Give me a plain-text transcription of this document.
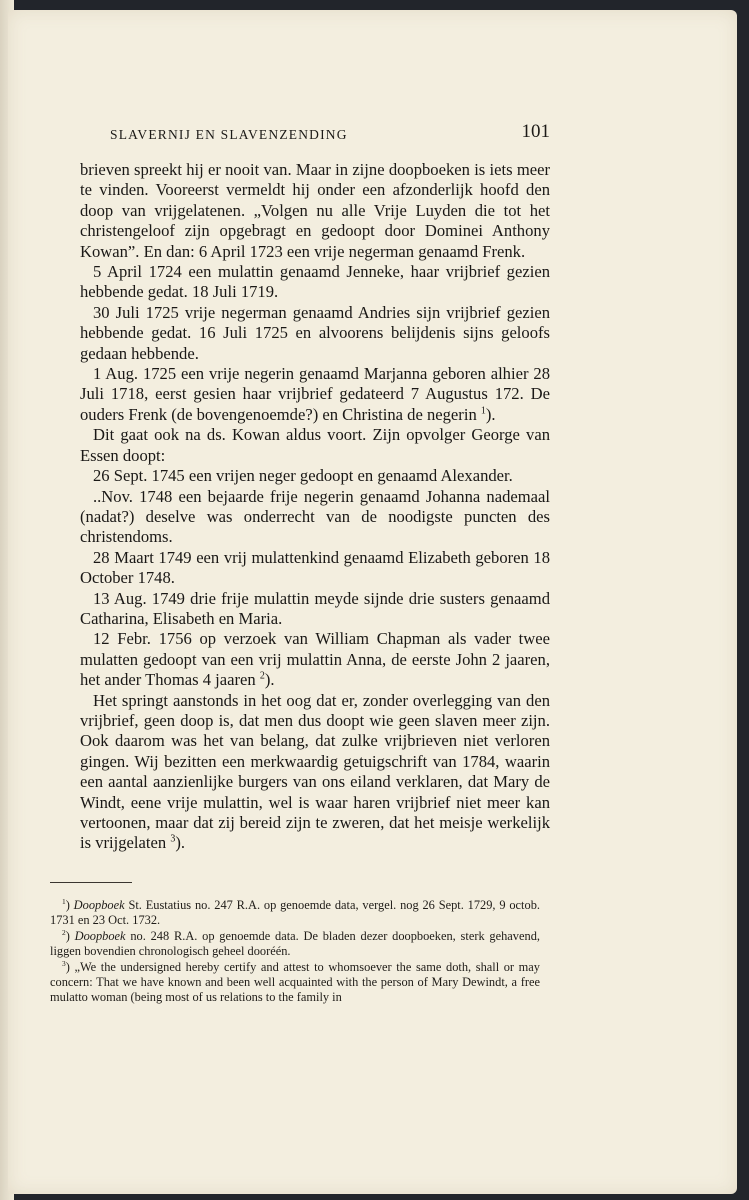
SLAVERNIJ EN SLAVENZENDING	101

brieven spreekt hij er nooit van. Maar in zijne doopboeken is iets meer te vinden. Vooreerst vermeldt hij onder een afzonderlijk hoofd den doop van vrijgelatenen. „Volgen nu alle Vrije Luyden die tot het christengeloof zijn opgebragt en gedoopt door Dominei Anthony Kowan”. En dan: 6 April 1723 een vrije negerman genaamd Frenk.

5 April 1724 een mulattin genaamd Jenneke, haar vrijbrief gezien hebbende gedat. 18 Juli 1719.

30 Juli 1725 vrije negerman genaamd Andries sijn vrijbrief gezien hebbende gedat. 16 Juli 1725 en alvoorens belijdenis sijns geloofs gedaan hebbende.

1 Aug. 1725 een vrije negerin genaamd Marjanna geboren alhier 28 Juli 1718, eerst gesien haar vrijbrief gedateerd 7 Augustus 172. De ouders Frenk (de bovengenoemde?) en Christina de negerin $^1$).

Dit gaat ook na ds. Kowan aldus voort. Zijn opvolger George van Essen doopt:

26 Sept. 1745 een vrijen neger gedoopt en genaamd Alexander.

..Nov. 1748 een bejaarde frije negerin genaamd Johanna nademaal (nadat?) deselve was onderrecht van de noodigste puncten des christendoms.

28 Maart 1749 een vrij mulattenkind genaamd Elizabeth geboren 18 October 1748.

13 Aug. 1749 drie frije mulattin meyde sijnde drie susters genaamd Catharina, Elisabeth en Maria.

12 Febr. 1756 op verzoek van William Chapman als vader twee mulatten gedoopt van een vrij mulattin Anna, de eerste John 2 jaaren, het ander Thomas 4 jaaren $^2$).

Het springt aanstonds in het oog dat er, zonder overlegging van den vrijbrief, geen doop is, dat men dus doopt wie geen slaven meer zijn. Ook daarom was het van belang, dat zulke vrijbrieven niet verloren gingen. Wij bezitten een merkwaardig getuigschrift van 1784, waarin een aantal aanzienlijke burgers van ons eiland verklaren, dat Mary de Windt, eene vrije mulattin, wel is waar haren vrijbrief niet meer kan vertoonen, maar dat zij bereid zijn te zweren, dat het meisje werkelijk is vrijgelaten $^3$).

$^1$) Doopboek St. Eustatius no. 247 R.A. op genoemde data, vergel. nog 26 Sept. 1729, 9 octob. 1731 en 23 Oct. 1732.

$^2$) Doopboek no. 248 R.A. op genoemde data. De bladen dezer doopboeken, sterk gehavend, liggen bovendien chronologisch geheel dooréén.

$^3$) „We the undersigned hereby certify and attest to whomsoever the same doth, shall or may concern: That we have known and been well acquainted with the person of Mary Dewindt, a free mulatto woman (being most of us relations to the family in
